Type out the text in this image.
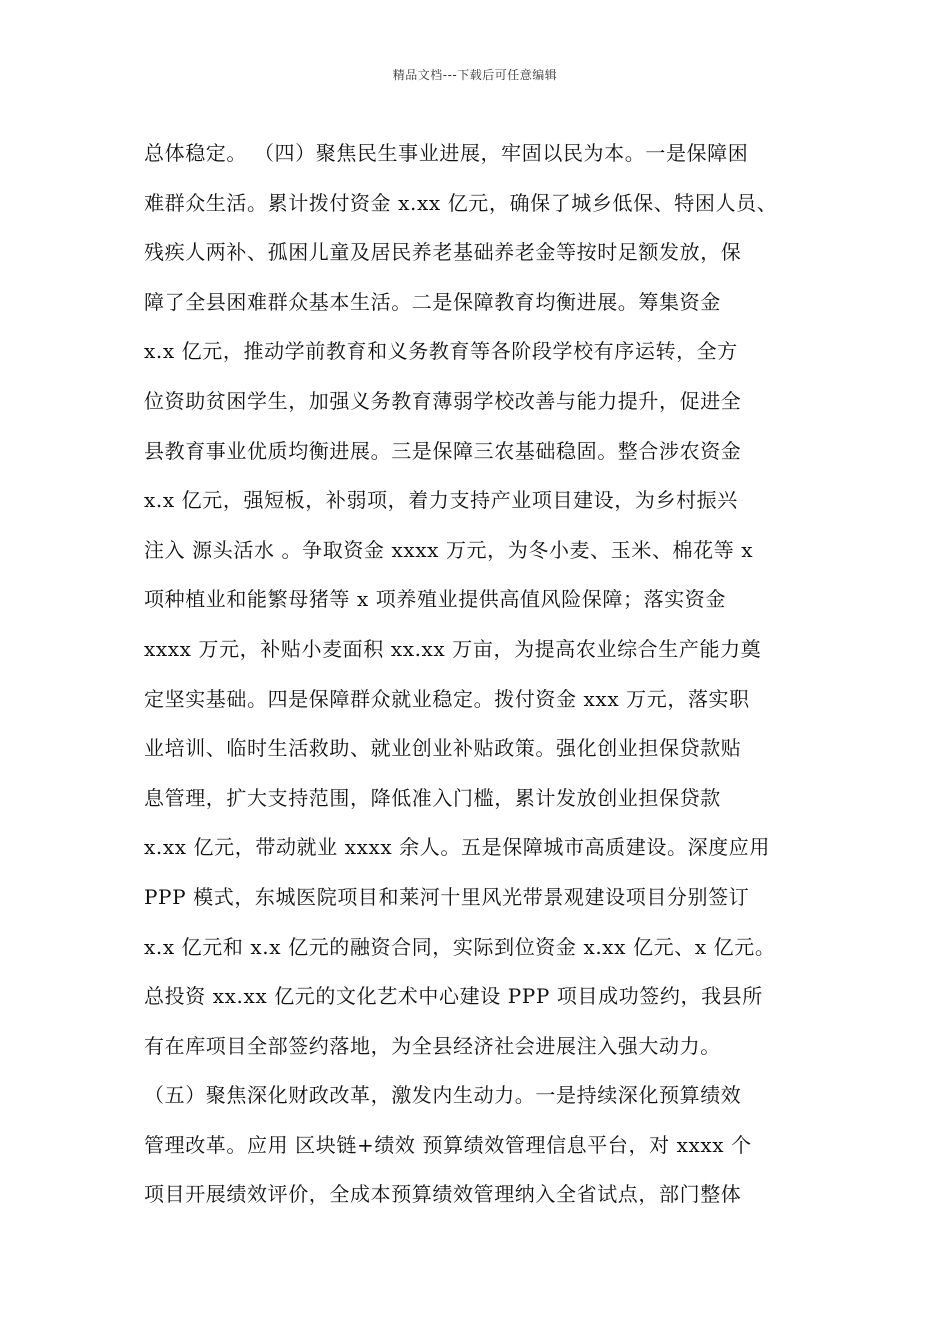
精品文档---下载后可任意编辑
总体稳定。 （四）聚焦民生事业进展，牢固以民为本。一是保障困
难群众生活。累计拨付资金 x.xx 亿元，确保了城乡低保、特困人员、
残疾人两补、孤困儿童及居民养老基础养老金等按时足额发放，保
障了全县困难群众基本生活。二是保障教育均衡进展。筹集资金
x.x 亿元，推动学前教育和义务教育等各阶段学校有序运转，全方
位资助贫困学生，加强义务教育薄弱学校改善与能力提升，促进全
县教育事业优质均衡进展。三是保障三农基础稳固。整合涉农资金
x.x 亿元，强短板，补弱项，着力支持产业项目建设，为乡村振兴
注入 源头活水 。争取资金 xxxx 万元，为冬小麦、玉米、棉花等 x
项种植业和能繁母猪等 x 项养殖业提供高值风险保障；落实资金
xxxx 万元，补贴小麦面积 xx.xx 万亩，为提高农业综合生产能力奠
定坚实基础。四是保障群众就业稳定。拨付资金 xxx 万元，落实职
业培训、临时生活救助、就业创业补贴政策。强化创业担保贷款贴
息管理，扩大支持范围，降低准入门槛，累计发放创业担保贷款
x.xx 亿元，带动就业 xxxx 余人。五是保障城市高质建设。深度应用
PPP 模式，东城医院项目和莱河十里风光带景观建设项目分别签订
x.x 亿元和 x.x 亿元的融资合同，实际到位资金 x.xx 亿元、x 亿元。
总投资 xx.xx 亿元的文化艺术中心建设 PPP 项目成功签约，我县所
有在库项目全部签约落地，为全县经济社会进展注入强大动力。
（五）聚焦深化财政改革，激发内生动力。一是持续深化预算绩效
管理改革。应用 区块链+绩效 预算绩效管理信息平台，对 xxxx 个
项目开展绩效评价，全成本预算绩效管理纳入全省试点，部门整体
